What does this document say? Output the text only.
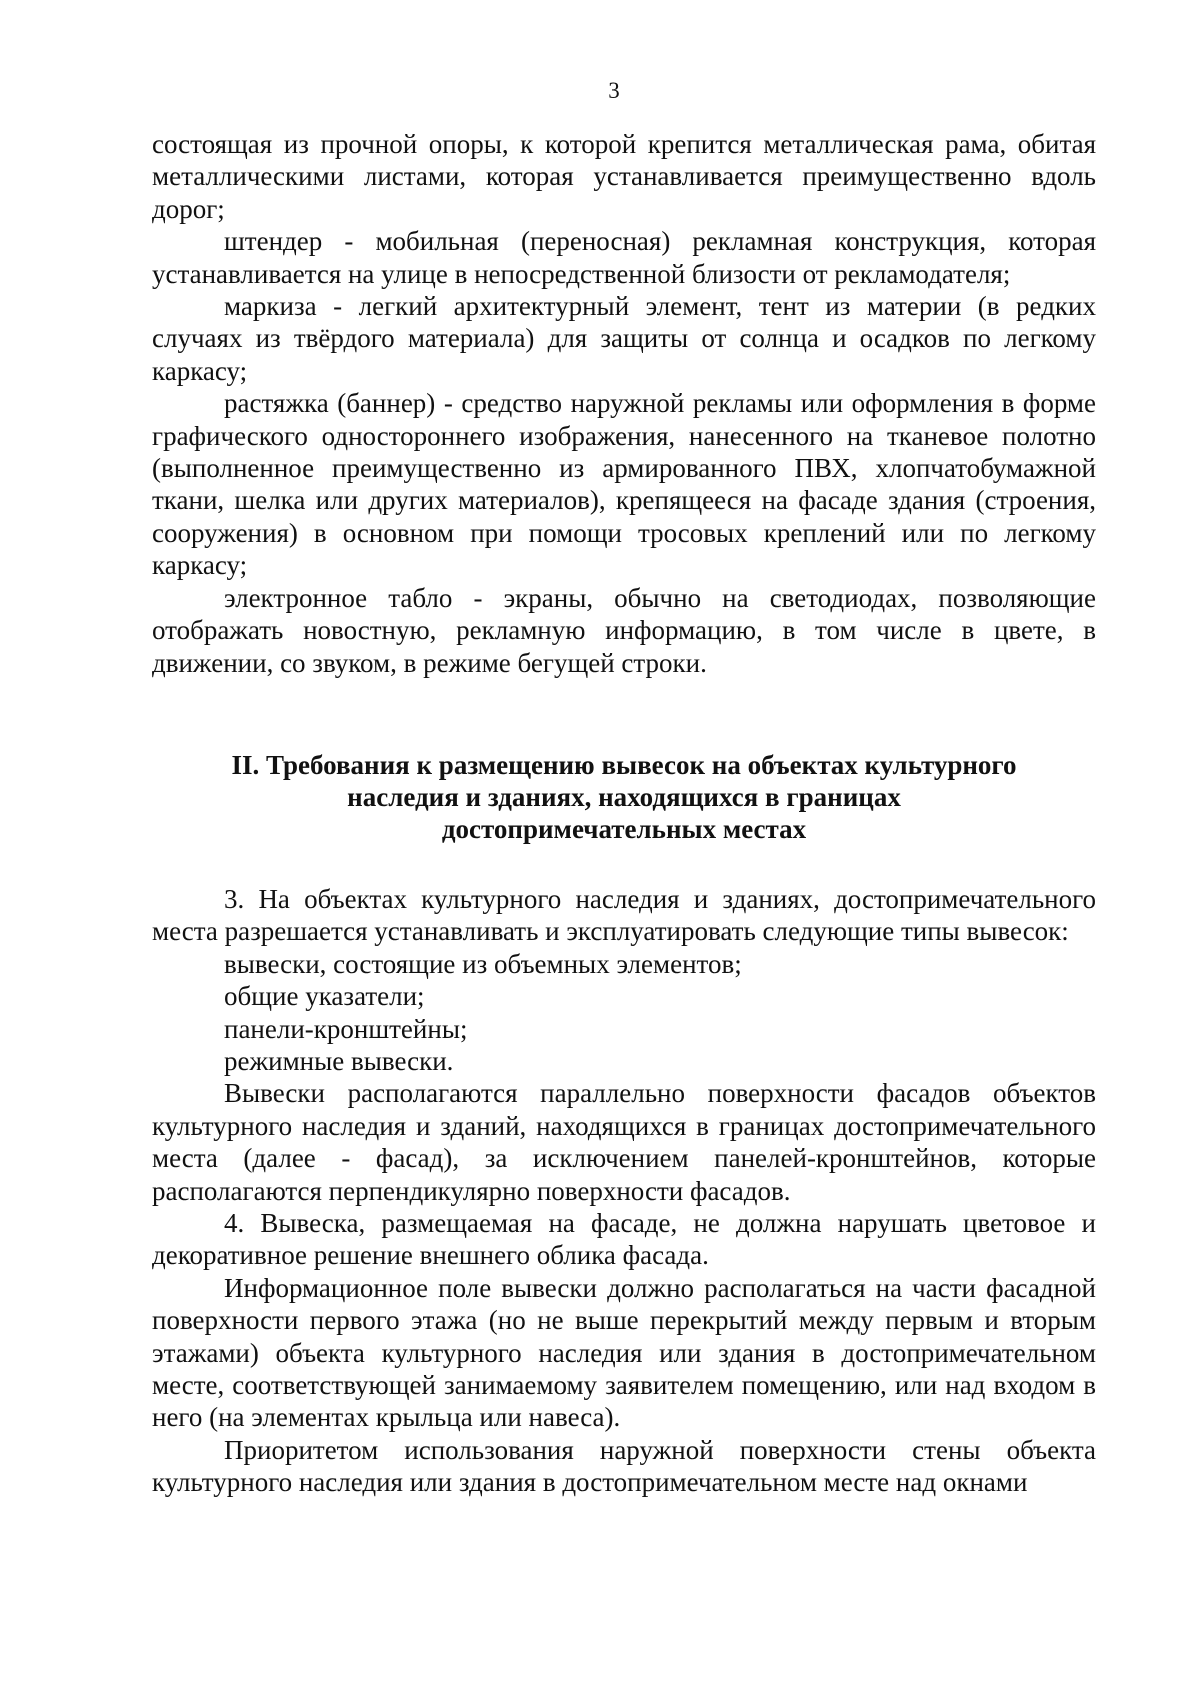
3

состоящая из прочной опоры, к которой крепится металлическая рама, обитая металлическими листами, которая устанавливается преимущественно вдоль дорог;

штендер - мобильная (переносная) рекламная конструкция, которая устанавливается на улице в непосредственной близости от рекламодателя;

маркиза - легкий архитектурный элемент, тент из материи (в редких случаях из твёрдого материала) для защиты от солнца и осадков по легкому каркасу;

растяжка (баннер) - средство наружной рекламы или оформления в форме графического одностороннего изображения, нанесенного на тканевое полотно (выполненное преимущественно из армированного ПВХ, хлопчатобумажной ткани, шелка или других материалов), крепящееся на фасаде здания (строения, сооружения) в основном при помощи тросовых креплений или по легкому каркасу;

электронное табло - экраны, обычно на светодиодах, позволяющие отображать новостную, рекламную информацию, в том числе в цвете, в движении, со звуком, в режиме бегущей строки.

II. Требования к размещению вывесок на объектах культурного
наследия и зданиях, находящихся в границах
достопримечательных местах

3. На объектах культурного наследия и зданиях, достопримечательного места разрешается устанавливать и эксплуатировать следующие типы вывесок:

вывески, состоящие из объемных элементов;

общие указатели;

панели-кронштейны;

режимные вывески.

Вывески располагаются параллельно поверхности фасадов объектов культурного наследия и зданий, находящихся в границах достопримечательного места (далее - фасад), за исключением панелей-кронштейнов, которые располагаются перпендикулярно поверхности фасадов.

4. Вывеска, размещаемая на фасаде, не должна нарушать цветовое и декоративное решение внешнего облика фасада.

Информационное поле вывески должно располагаться на части фасадной поверхности первого этажа (но не выше перекрытий между первым и вторым этажами) объекта культурного наследия или здания в достопримечательном месте, соответствующей занимаемому заявителем помещению, или над входом в него (на элементах крыльца или навеса).

Приоритетом использования наружной поверхности стены объекта культурного наследия или здания в достопримечательном месте над окнами
